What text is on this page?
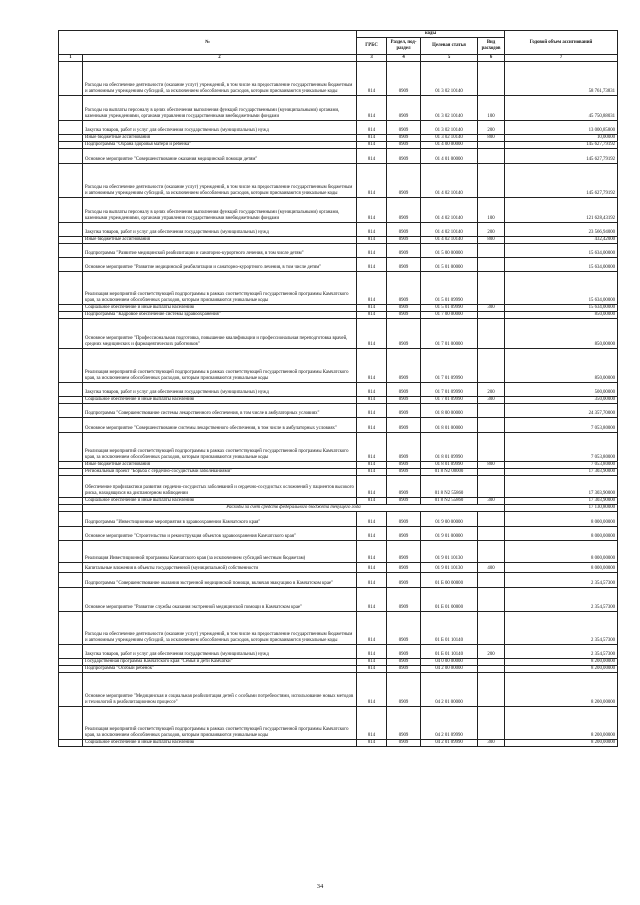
№		коды				Годовой объем ассигнований
		ГРБС	Раздел, под-раздел	Целевая статья	Вид расходов	
1	2	3	4	5	6	7
	Расходы на обеспечение деятельности (оказание услуг) учреждений, в том числе на предоставление государственным бюджетным и автономным учреждениям субсидий, за исключением обособленных расходов, которым присваиваются уникальные коды	814	0909	01 3 02 10140		58 761,73831
	Расходы на выплаты персоналу в целях обеспечения выполнения функций государственными (муниципальными) органами, казенными учреждениями, органами управления государственными внебюджетными фондами	814	0909	01 3 02 10140	100	45 750,88031
	Закупка товаров, работ и услуг для обеспечения государственных (муниципальных) нужд	814	0909	01 3 02 10140	200	13 000,85800
	Иные бюджетные ассигнования	814	0909	01 3 02 10140	800	10,00000
	Подпрограмма "Охрана здоровья матери и ребенка"	814	0909	01 4 00 00000		145 627,79192
	Основное мероприятие "Совершенствование оказания медицинской помощи детям"	814	0909	01 4 01 00000		145 627,79192
	Расходы на обеспечение деятельности (оказание услуг) учреждений, в том числе на предоставление государственным бюджетным и автономным учреждениям субсидий, за исключением обособленных расходов, которым присваиваются уникальные коды	814	0909	01 4 02 10140		145 627,79192
	Расходы на выплаты персоналу в целях обеспечения выполнения функций государственными (муниципальными) органами, казенными учреждениями, органами управления государственными внебюджетными фондами	814	0909	01 4 02 10140	100	121 628,43192
	Закупка товаров, работ и услуг для обеспечения государственных (муниципальных) нужд	814	0909	01 4 02 10140	200	23 566,94000
	Иные бюджетные ассигнования	814	0909	01 4 02 10140	800	432,42000
	Подпрограмма "Развитие медицинской реабилитации и санаторно-курортного лечения, в том числе детям"	814	0909	01 5 00 00000		15 634,00000
	Основное мероприятие "Развитие медицинской реабилитации и санаторно-курортного лечения, в том числе детям"	814	0909	01 5 01 00000		15 634,00000
	Реализация мероприятий соответствующей подпрограммы в рамках соответствующей государственной программы Камчатского края, за исключением обособленных расходов, которым присваиваются уникальные коды	814	0909	01 5 01 09990		15 634,00000
	Социальное обеспечение и иные выплаты населению	814	0909	01 5 01 09990	300	15 634,00000
	Подпрограмма "Кадровое обеспечение системы здравоохранения"	814	0909	01 7 00 00000		850,00000
	Основное мероприятие "Профессиональная подготовка, повышение квалификации и профессиональная переподготовка врачей, средних медицинских и фармацевтических работников"	814	0909	01 7 01 00000		850,00000
	Реализация мероприятий соответствующей подпрограммы в рамках соответствующей государственной программы Камчатского края, за исключением обособленных расходов, которым присваиваются уникальные коды	814	0909	01 7 01 09990		850,00000
	Закупка товаров, работ и услуг для обеспечения государственных (муниципальных) нужд	814	0909	01 7 01 09990	200	500,00000
	Социальное обеспечение и иные выплаты населению	814	0909	01 7 01 09990	300	350,00000
	Подпрограмма "Совершенствование системы лекарственного обеспечения, в том числе в амбулаторных условиях"	814	0909	01 8 00 00000		24 357,70000
	Основное мероприятие "Совершенствование системы лекарственного обеспечения, в том числе в амбулаторных условиях"	814	0909	01 8 01 00000		7 053,80000
	Реализация мероприятий соответствующей подпрограммы в рамках соответствующей государственной программы Камчатского края, за исключением обособленных расходов, которым присваиваются уникальные коды	814	0909	01 8 01 09990		7 053,80000
	Иные бюджетные ассигнования	814	0909	01 8 01 09990	800	7 053,80000
	Региональный проект "Борьба с сердечно-сосудистыми заболеваниями"	814	0909	01 8 N2 00000		17 303,90000
	Обеспечение профилактики развития сердечно-сосудистых заболеваний и сердечно-сосудистых осложнений у пациентов высокого риска, находящихся на диспансерном наблюдении	814	0909	01 8 N2 55860		17 303,90000
	Социальное обеспечение и иные выплаты населению	814	0909	01 8 N2 55860	300	17 303,90000
	Расходы за счет средств федерального бюджета текущего года					17 130,80000
	Подпрограмма "Инвестиционные мероприятия в здравоохранении Камчатского края"	814	0909	01 9 00 00000		8 000,00000
	Основное мероприятие "Строительство и реконструкция объектов здравоохранения Камчатского края"	814	0909	01 9 01 00000		8 000,00000
	Реализация Инвестиционной программы Камчатского края (за исключением субсидий местным бюджетам)	814	0909	01 9 01 10130		8 000,00000
	Капитальные вложения в объекты государственной (муниципальной) собственности	814	0909	01 9 01 10130	400	8 000,00000
	Подпрограмма "Совершенствование оказания экстренной медицинской помощи, включая эвакуацию в Камчатском крае"	814	0909	01 Б 00 00000		2 354,57300
	Основное мероприятие "Развитие службы оказания экстренной медицинской помощи в Камчатском крае"	814	0909	01 Б 01 00000		2 354,57300
	Расходы на обеспечение деятельности (оказание услуг) учреждений, в том числе на предоставление государственным бюджетным и автономным учреждениям субсидий, за исключением обособленных расходов, которым присваиваются уникальные коды	814	0909	01 Б 01 10140		2 354,57300
	Закупка товаров, работ и услуг для обеспечения государственных (муниципальных) нужд	814	0909	01 Б 01 10140	200	2 354,57300
	Государственная программа Камчатского края "Семья и дети Камчатки"	814	0909	04 0 00 00000		8 200,00000
	Подпрограмма "Особый ребенок"	814	0909	04 2 00 00000		8 200,00000
	Основное мероприятие "Медицинская и социальная реабилитация детей с особыми потребностями, использование новых методов и технологий в реабилитационном процессе"	814	0909	04 2 01 00000		8 200,00000
	Реализация мероприятий соответствующей подпрограммы в рамках соответствующей государственной программы Камчатского края, за исключением обособленных расходов, которым присваиваются уникальные коды	814	0909	04 2 01 09990		8 200,00000
	Социальное обеспечение и иные выплаты населению	814	0909	04 2 01 09990	300	8 200,00000
34
